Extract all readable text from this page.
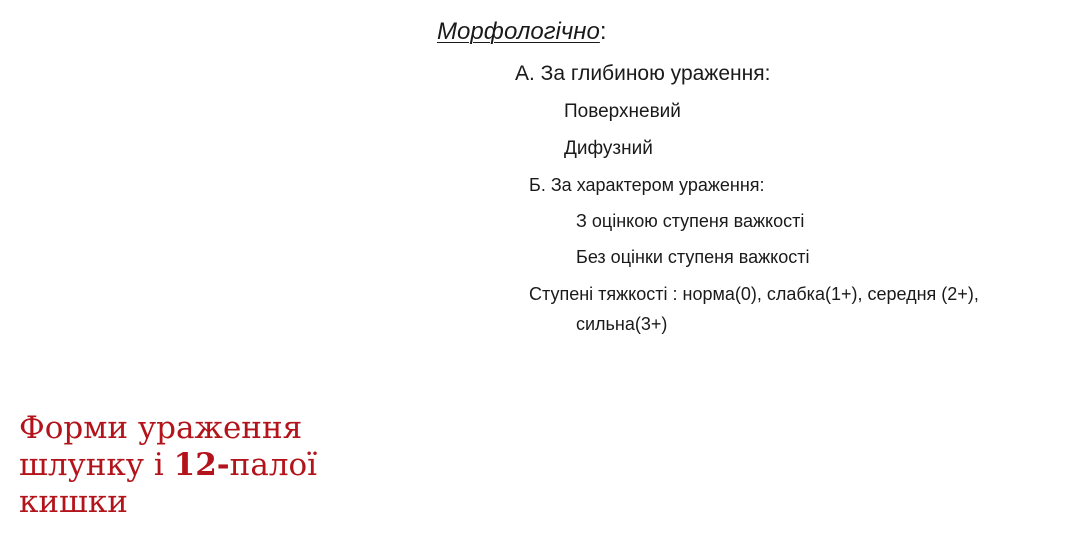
Морфологічно:
А. За глибиною ураження:
Поверхневий
Дифузний
Б. За характером ураження:
З оцінкою ступеня важкості
Без оцінки ступеня важкості
Ступені тяжкості : норма(0), слабка(1+), середня (2+),
сильна(3+)
Форми ураження
шлунку і 12-палої
кишки
